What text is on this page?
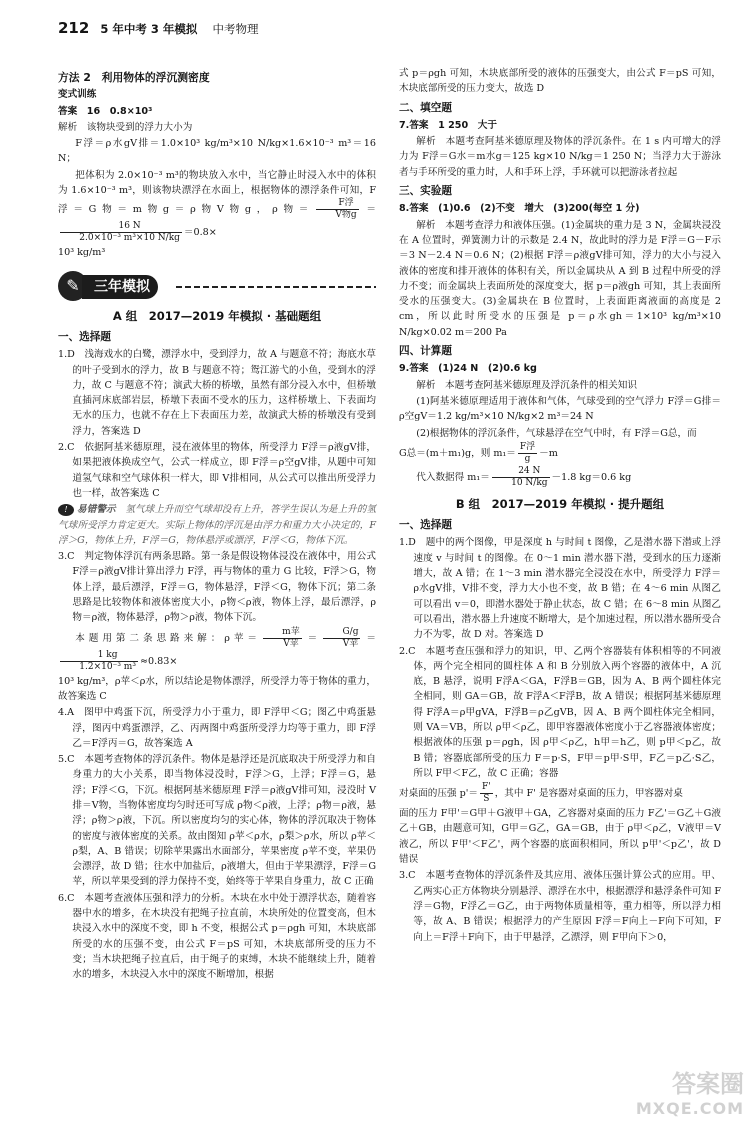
212 5 年中考 3 年模拟 中考物理
方法 2　利用物体的浮沉测密度
变式训练
答案　16　0.8×10³
解析　该物块受到的浮力大小为
F浮＝ρ水gV排＝1.0×10³ kg/m³×10 N/kg×1.6×10⁻³ m³＝16 N；
把体积为 2.0×10⁻³ m³的物块放入水中，当它静止时浸入水中的体积为 1.6×10⁻³ m³，则该物块漂浮在水面上，根据物体的漂浮条件可知，F浮＝G物＝m物g＝ρ物V物g，ρ物＝ $\frac{\text{F浮}}{\text{V物g}}$ ＝
$\frac{16 N}{\text{2.0×10⁻³ m³×10 N/kg}} =0.8\times$
10³ kg/m³
✎	三年模拟
A 组　2017—2019 年模拟 · 基础题组
一、选择题
1.D　浅海戏水的白鹭，漂浮水中，受到浮力，故 A 与题意不符；海底水草的叶子受到水的浮力，故 B 与题意不符；鸳江游弋的小鱼，受到水的浮力，故 C 与题意不符；演武大桥的桥墩，虽然有部分浸入水中，但桥墩直插河床底部岩层，桥墩下表面不受水的压力，这样桥墩上、下表面均无水的压力，也就不存在上下表面压力差，故演武大桥的桥墩没有受到浮力，答案选 D
2.C　依据阿基米德原理，浸在液体里的物体，所受浮力 F浮＝ρ液gV排，如果把液体换成空气，公式一样成立，即 F浮＝ρ空gV排，从题中可知道氢气球和空气球体积一样大，即 V排相同，从公式可以推出所受浮力也一样，故答案选 C
! 易错警示　 氢气球上升而空气球却没有上升，答学生误认为是上升的氢气球所受浮力肯定更大。实际上物体的浮沉是由浮力和重力大小决定的，F浮＞G，物体上升，F浮＝G，物体悬浮或漂浮，F浮＜G，物体下沉。
3.C　判定物体浮沉有两条思路。第一条是假设物体浸没在液体中，用公式 F浮＝ρ液gV排计算出浮力 F浮，再与物体的重力 G 比较，F浮＞G，物体上浮，最后漂浮，F浮＝G，物体悬浮，F浮＜G，物体下沉；第二条思路是比较物体和液体密度大小，ρ物＜ρ液，物体上浮，最后漂浮，ρ物＝ρ液，物体悬浮，ρ物＞ρ液，物体下沉。
本题用第二条思路来解：ρ苹＝ $\frac{\text{m苹}}{\text{V苹}} = \frac{G/g}{\text{V苹}}$ ＝
$\frac{1 kg}{\text{1.2×10⁻³ m³}} \approx 0.83\times$
10³ kg/m³，ρ苹＜ρ水，所以结论是物体漂浮，所受浮力等于物体的重力，故答案选 C
4.A　图甲中鸡蛋下沉，所受浮力小于重力，即 F浮甲＜G；图乙中鸡蛋悬浮，图丙中鸡蛋漂浮，乙、丙两图中鸡蛋所受浮力均等于重力，即 F浮乙＝F浮丙＝G，故答案选 A
5.C　本题考查物体的浮沉条件。物体是悬浮还是沉底取决于所受浮力和自身重力的大小关系，即当物体浸没时，F浮＞G，上浮；F浮＝G，悬浮；F浮＜G，下沉。根据阿基米德原理 F浮＝ρ液gV排可知，浸没时 V排＝V物，当物体密度均匀时还可写成 ρ物＜ρ液，上浮；ρ物＝ρ液，悬浮；ρ物＞ρ液，下沉。所以密度均匀的实心体，物体的浮沉取决于物体的密度与液体密度的关系。故由图知 ρ苹＜ρ水，ρ梨＞ρ水，所以 ρ苹＜ρ梨，A、B 错误；切除苹果露出水面部分，苹果密度 ρ苹不变，苹果仍会漂浮，故 D 错；往水中加盐后，ρ液增大，但由于苹果漂浮，F浮＝G苹，所以苹果受到的浮力保持不变，始终等于苹果自身重力，故 C 正确
6.C　本题考查液体压强和浮力的分析。木块在水中处于漂浮状态，随着容器中水的增多，在木块没有把绳子拉直前，木块所处的位置变高，但木块浸入水中的深度不变，即 h 不变，根据公式 p＝ρgh 可知，木块底部所受的水的压强不变，由公式 F＝pS 可知，木块底部所受的压力不变；当木块把绳子拉直后，由于绳子的束缚，木块不能继续上升，随着水的增多，木块浸入水中的深度不断增加，根据
式 p＝ρgh 可知，木块底部所受的液体的压强变大，由公式 F＝pS 可知，木块底部所受的压力变大，故选 D
二、填空题
7.答案　1 250　大于
解析　本题考查阿基米德原理及物体的浮沉条件。在 1 s 内可增大的浮力为 F浮＝G水＝m水g＝125 kg×10 N/kg＝1 250 N；当浮力大于游泳者与手环所受的重力时，人和手环上浮，手环就可以把游泳者拉起
三、实验题
8.答案　(1)0.6　(2)不变　增大　(3)200(每空 1 分)
解析　本题考查浮力和液体压强。(1)金属块的重力是 3 N，金属块浸没在 A 位置时，弹簧测力计的示数是 2.4 N，故此时的浮力是 F浮＝G－F示＝3 N－2.4 N＝0.6 N；(2)根据 F浮＝ρ液gV排可知，浮力的大小与浸入液体的密度和排开液体的体积有关，所以金属块从 A 到 B 过程中所受的浮力不变；而金属块上表面所处的深度变大，据 p＝ρ液gh 可知，其上表面所受水的压强变大。(3)金属块在 B 位置时，上表面距离液面的高度是 2 cm，所以此时所受水的压强是 p＝ρ水gh＝1×10³ kg/m³×10 N/kg×0.02 m＝200 Pa
四、计算题
9.答案　(1)24 N　(2)0.6 kg
解析　本题考查阿基米德原理及浮沉条件的相关知识
(1)阿基米德原理适用于液体和气体，气球受到的空气浮力 F浮＝G排＝ρ空gV＝1.2 kg/m³×10 N/kg×2 m³＝24 N
(2)根据物体的浮沉条件，气球悬浮在空气中时，有 F浮＝G总，而
G总＝(m＋m₁)g，则 $m_1= \frac{\text{F浮}}{g} -m$
代入数据得 $m_1= \frac{24 N}{10 N/kg} -1.8$ kg＝0.6 kg
B 组　2017—2019 年模拟 · 提升题组
一、选择题
1.D　题中的两个图像，甲是深度 h 与时间 t 图像，乙是潜水器下潜或上浮速度 v 与时间 t 的图像。在 0～1 min 潜水器下潜，受到水的压力逐渐增大，故 A 错；在 1～3 min 潜水器完全浸没在水中，所受浮力 F浮＝ρ水gV排，V排不变，浮力大小也不变，故 B 错；在 4～6 min 从图乙可以看出 v＝0，即潜水器处于静止状态，故 C 错；在 6～8 min 从图乙可以看出，潜水器上升速度不断增大，是个加速过程，所以潜水器所受合力不为零，故 D 对。答案选 D
2.C　本题考查压强和浮力的知识，甲、乙两个容器装有体积相等的不同液体，两个完全相同的圆柱体 A 和 B 分别放入两个容器的液体中，A 沉底，B 悬浮，说明 F浮A＜GA，F浮B＝GB，因为 A、B 两个圆柱体完全相同，则 GA＝GB，故 F浮A＜F浮B，故 A 错误；根据阿基米德原理得 F浮A＝ρ甲gVA，F浮B＝ρ乙gVB，因 A、B 两个圆柱体完全相同，则 VA＝VB，所以 ρ甲＜ρ乙，即甲容器液体密度小于乙容器液体密度；根据液体的压强 p＝ρgh，因 ρ甲＜ρ乙，h甲＝h乙，则 p甲＜p乙，故 B 错；容器底部所受的压力 F＝p·S，F甲＝p甲·S甲，F乙＝p乙·S乙，所以 F甲＜F乙，故 C 正确；容器
对桌面的压强 $p'= \frac{F'}{S}$ ，其中 F' 是容器对桌面的压力，甲容器对桌
面的压力 F甲'＝G甲＋G液甲＋GA，乙容器对桌面的压力 F乙'＝G乙＋G液乙＋GB，由题意可知，G甲＝G乙，GA＝GB，由于 ρ甲＜ρ乙，V液甲＝V液乙，所以 F甲'＜F乙'，两个容器的底面积相同，所以 p甲'＜p乙'，故 D 错误
3.C　本题考查物体的浮沉条件及其应用、液体压强计算公式的应用。甲、乙两实心正方体物块分别悬浮、漂浮在水中，根据漂浮和悬浮条件可知 F浮＝G物，F浮乙＝G乙，由于两物体质量相等，重力相等，所以浮力相等，故 A、B 错误；根据浮力的产生原因 F浮＝F向上－F向下可知，F向上＝F浮＋F向下，由于甲悬浮，乙漂浮，则 F甲向下＞0，
答案圈
MXQE.COM
